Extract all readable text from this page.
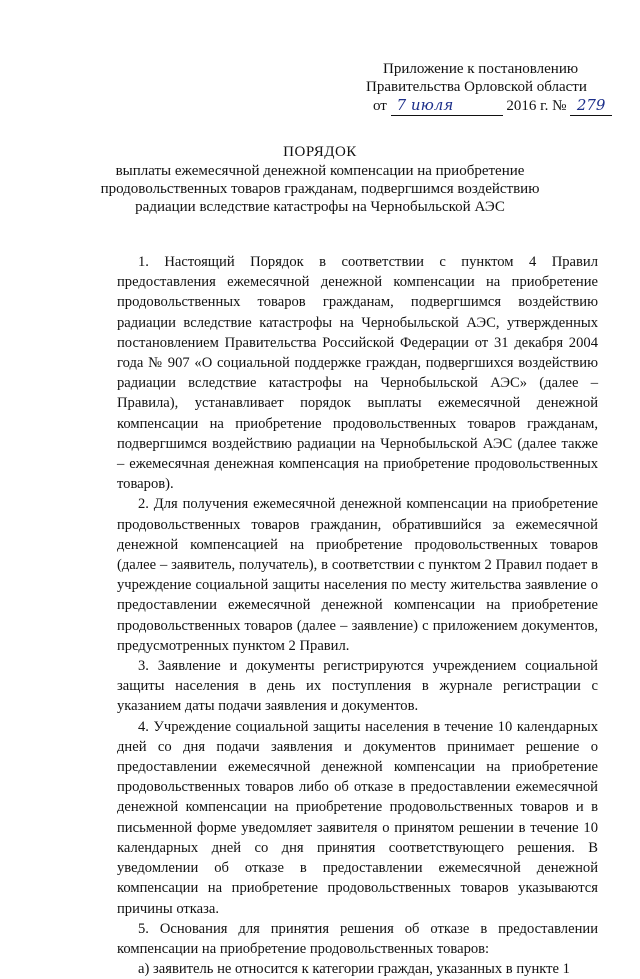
Приложение к постановлению
Правительства Орловской области
от 7 июля	2016 г. № 279
ПОРЯДОК
выплаты ежемесячной денежной компенсации на приобретение
продовольственных товаров гражданам, подвергшимся воздействию
радиации вследствие катастрофы на Чернобыльской АЭС

1. Настоящий Порядок в соответствии с пунктом 4 Правил предоставления ежемесячной денежной компенсации на приобретение продовольственных товаров гражданам, подвергшимся воздействию радиации вследствие катастрофы на Чернобыльской АЭС, утвержденных постановлением Правительства Российской Федерации от 31 декабря 2004 года № 907 «О социальной поддержке граждан, подвергшихся воздействию радиации вследствие катастрофы на Чернобыльской АЭС» (далее – Правила), устанавливает порядок выплаты ежемесячной денежной компенсации на приобретение продовольственных товаров гражданам, подвергшимся воздействию радиации на Чернобыльской АЭС (далее также – ежемесячная денежная компенсация на приобретение продовольственных товаров).

2. Для получения ежемесячной денежной компенсации на приобретение продовольственных товаров гражданин, обратившийся за ежемесячной денежной компенсацией на приобретение продовольственных товаров (далее – заявитель, получатель), в соответствии с пунктом 2 Правил подает в учреждение социальной защиты населения по месту жительства заявление о предоставлении ежемесячной денежной компенсации на приобретение продовольственных товаров (далее – заявление) с приложением документов, предусмотренных пунктом 2 Правил.

3. Заявление и документы регистрируются учреждением социальной защиты населения в день их поступления в журнале регистрации с указанием даты подачи заявления и документов.

4. Учреждение социальной защиты населения в течение 10 календарных дней со дня подачи заявления и документов принимает решение о предоставлении ежемесячной денежной компенсации на приобретение продовольственных товаров либо об отказе в предоставлении ежемесячной денежной компенсации на приобретение продовольственных товаров и в письменной форме уведомляет заявителя о принятом решении в течение 10 календарных дней со дня принятия соответствующего решения. В уведомлении об отказе в предоставлении ежемесячной денежной компенсации на приобретение продовольственных товаров указываются причины отказа.

5. Основания для принятия решения об отказе в предоставлении компенсации на приобретение продовольственных товаров:

а) заявитель не относится к категории граждан, указанных в пункте 1
